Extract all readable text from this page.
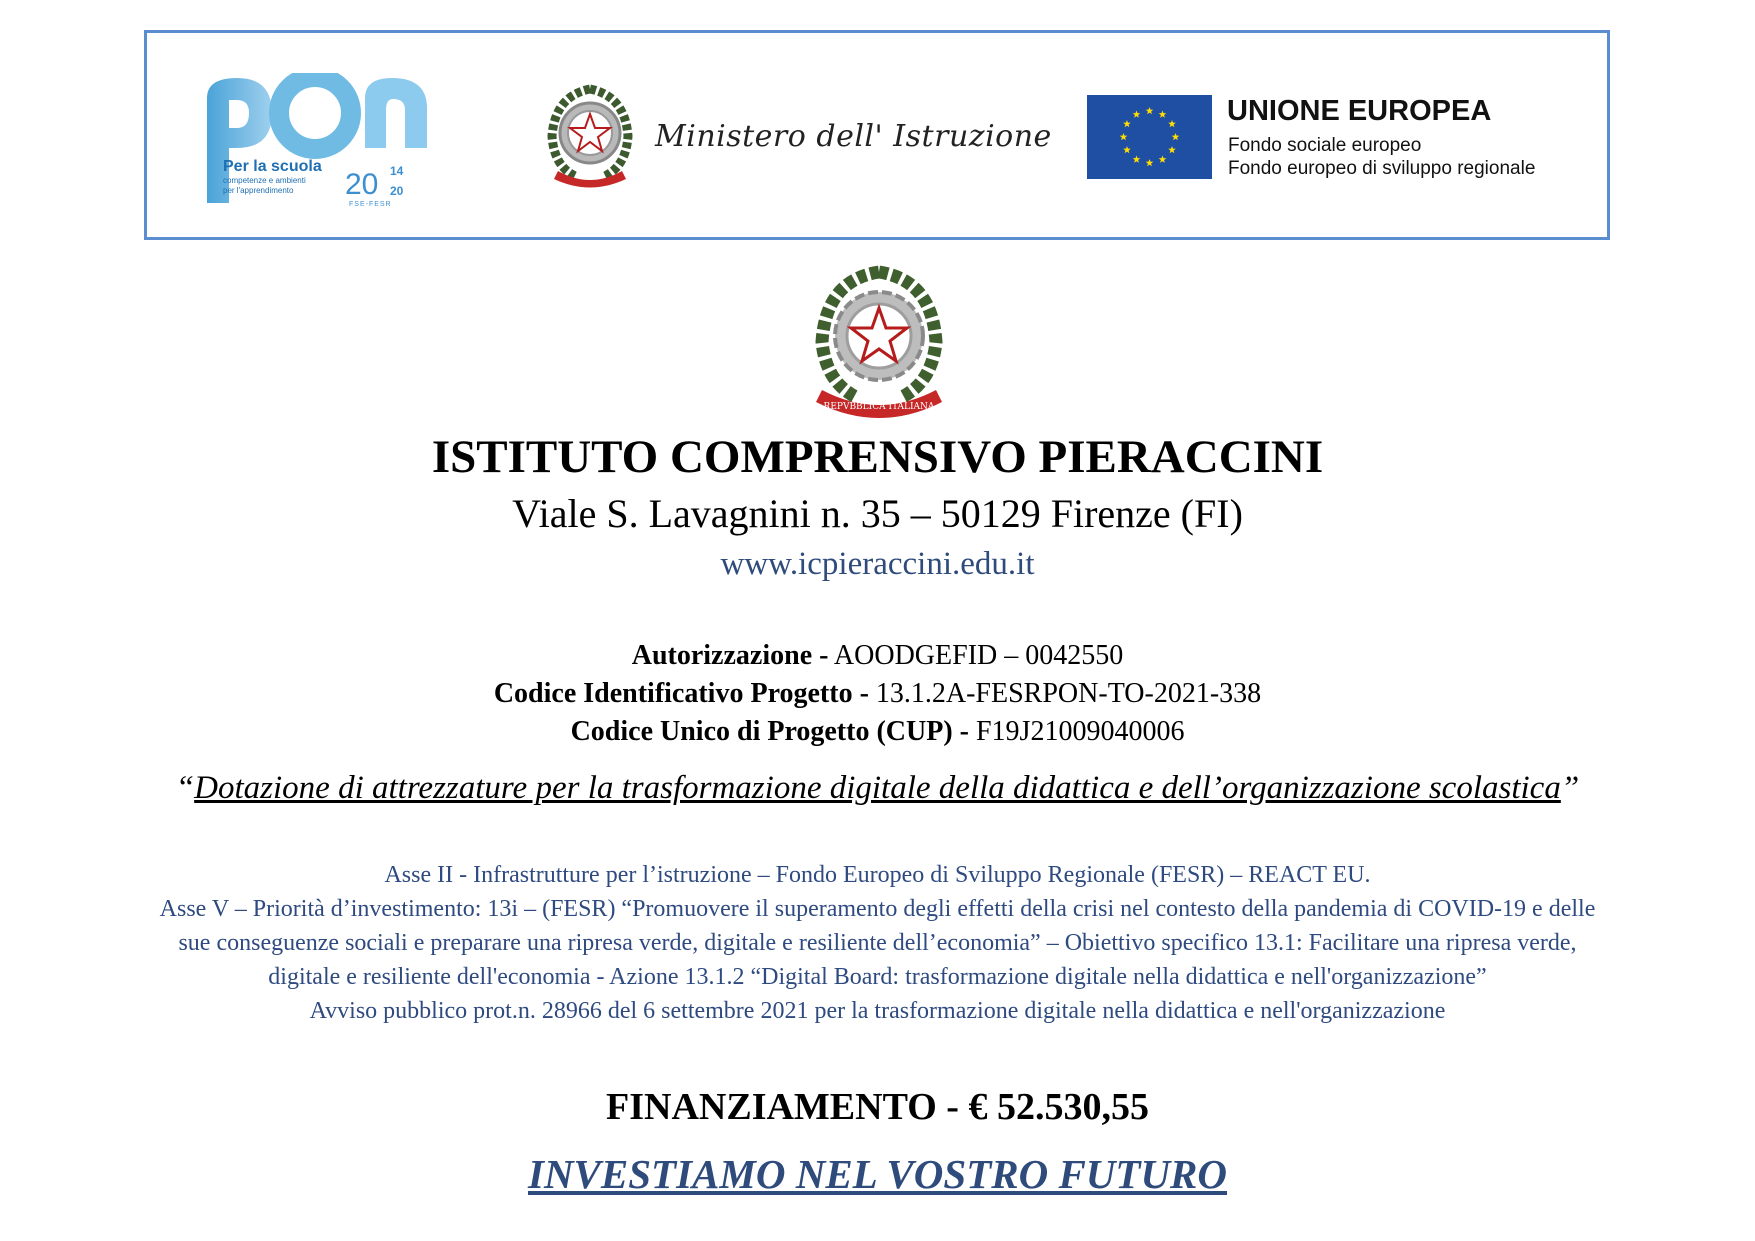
Per la scuola
competenze e ambienti
per l'apprendimento 20 14
20
FSE-FESR
Ministero dell' Istruzione
UNIONE EUROPEA
Fondo sociale europeo
Fondo europeo di sviluppo regionale
REPVBBLICA ITALIANA
ISTITUTO COMPRENSIVO PIERACCINI
Viale S. Lavagnini n. 35 – 50129 Firenze (FI)
www.icpieraccini.edu.it
Autorizzazione - AOODGEFID – 0042550
Codice Identificativo Progetto - 13.1.2A-FESRPON-TO-2021-338
Codice Unico di Progetto (CUP) - F19J21009040006
“Dotazione di attrezzature per la trasformazione digitale della didattica e dell’organizzazione scolastica”
Asse II - Infrastrutture per l’istruzione – Fondo Europeo di Sviluppo Regionale (FESR) – REACT EU.
Asse V – Priorità d’investimento: 13i – (FESR) “Promuovere il superamento degli effetti della crisi nel contesto della pandemia di COVID-19 e delle
sue conseguenze sociali e preparare una ripresa verde, digitale e resiliente dell’economia” – Obiettivo specifico 13.1: Facilitare una ripresa verde,
digitale e resiliente dell'economia - Azione 13.1.2 “Digital Board: trasformazione digitale nella didattica e nell'organizzazione”
Avviso pubblico prot.n. 28966 del 6 settembre 2021 per la trasformazione digitale nella didattica e nell'organizzazione
FINANZIAMENTO - € 52.530,55
INVESTIAMO NEL VOSTRO FUTURO
